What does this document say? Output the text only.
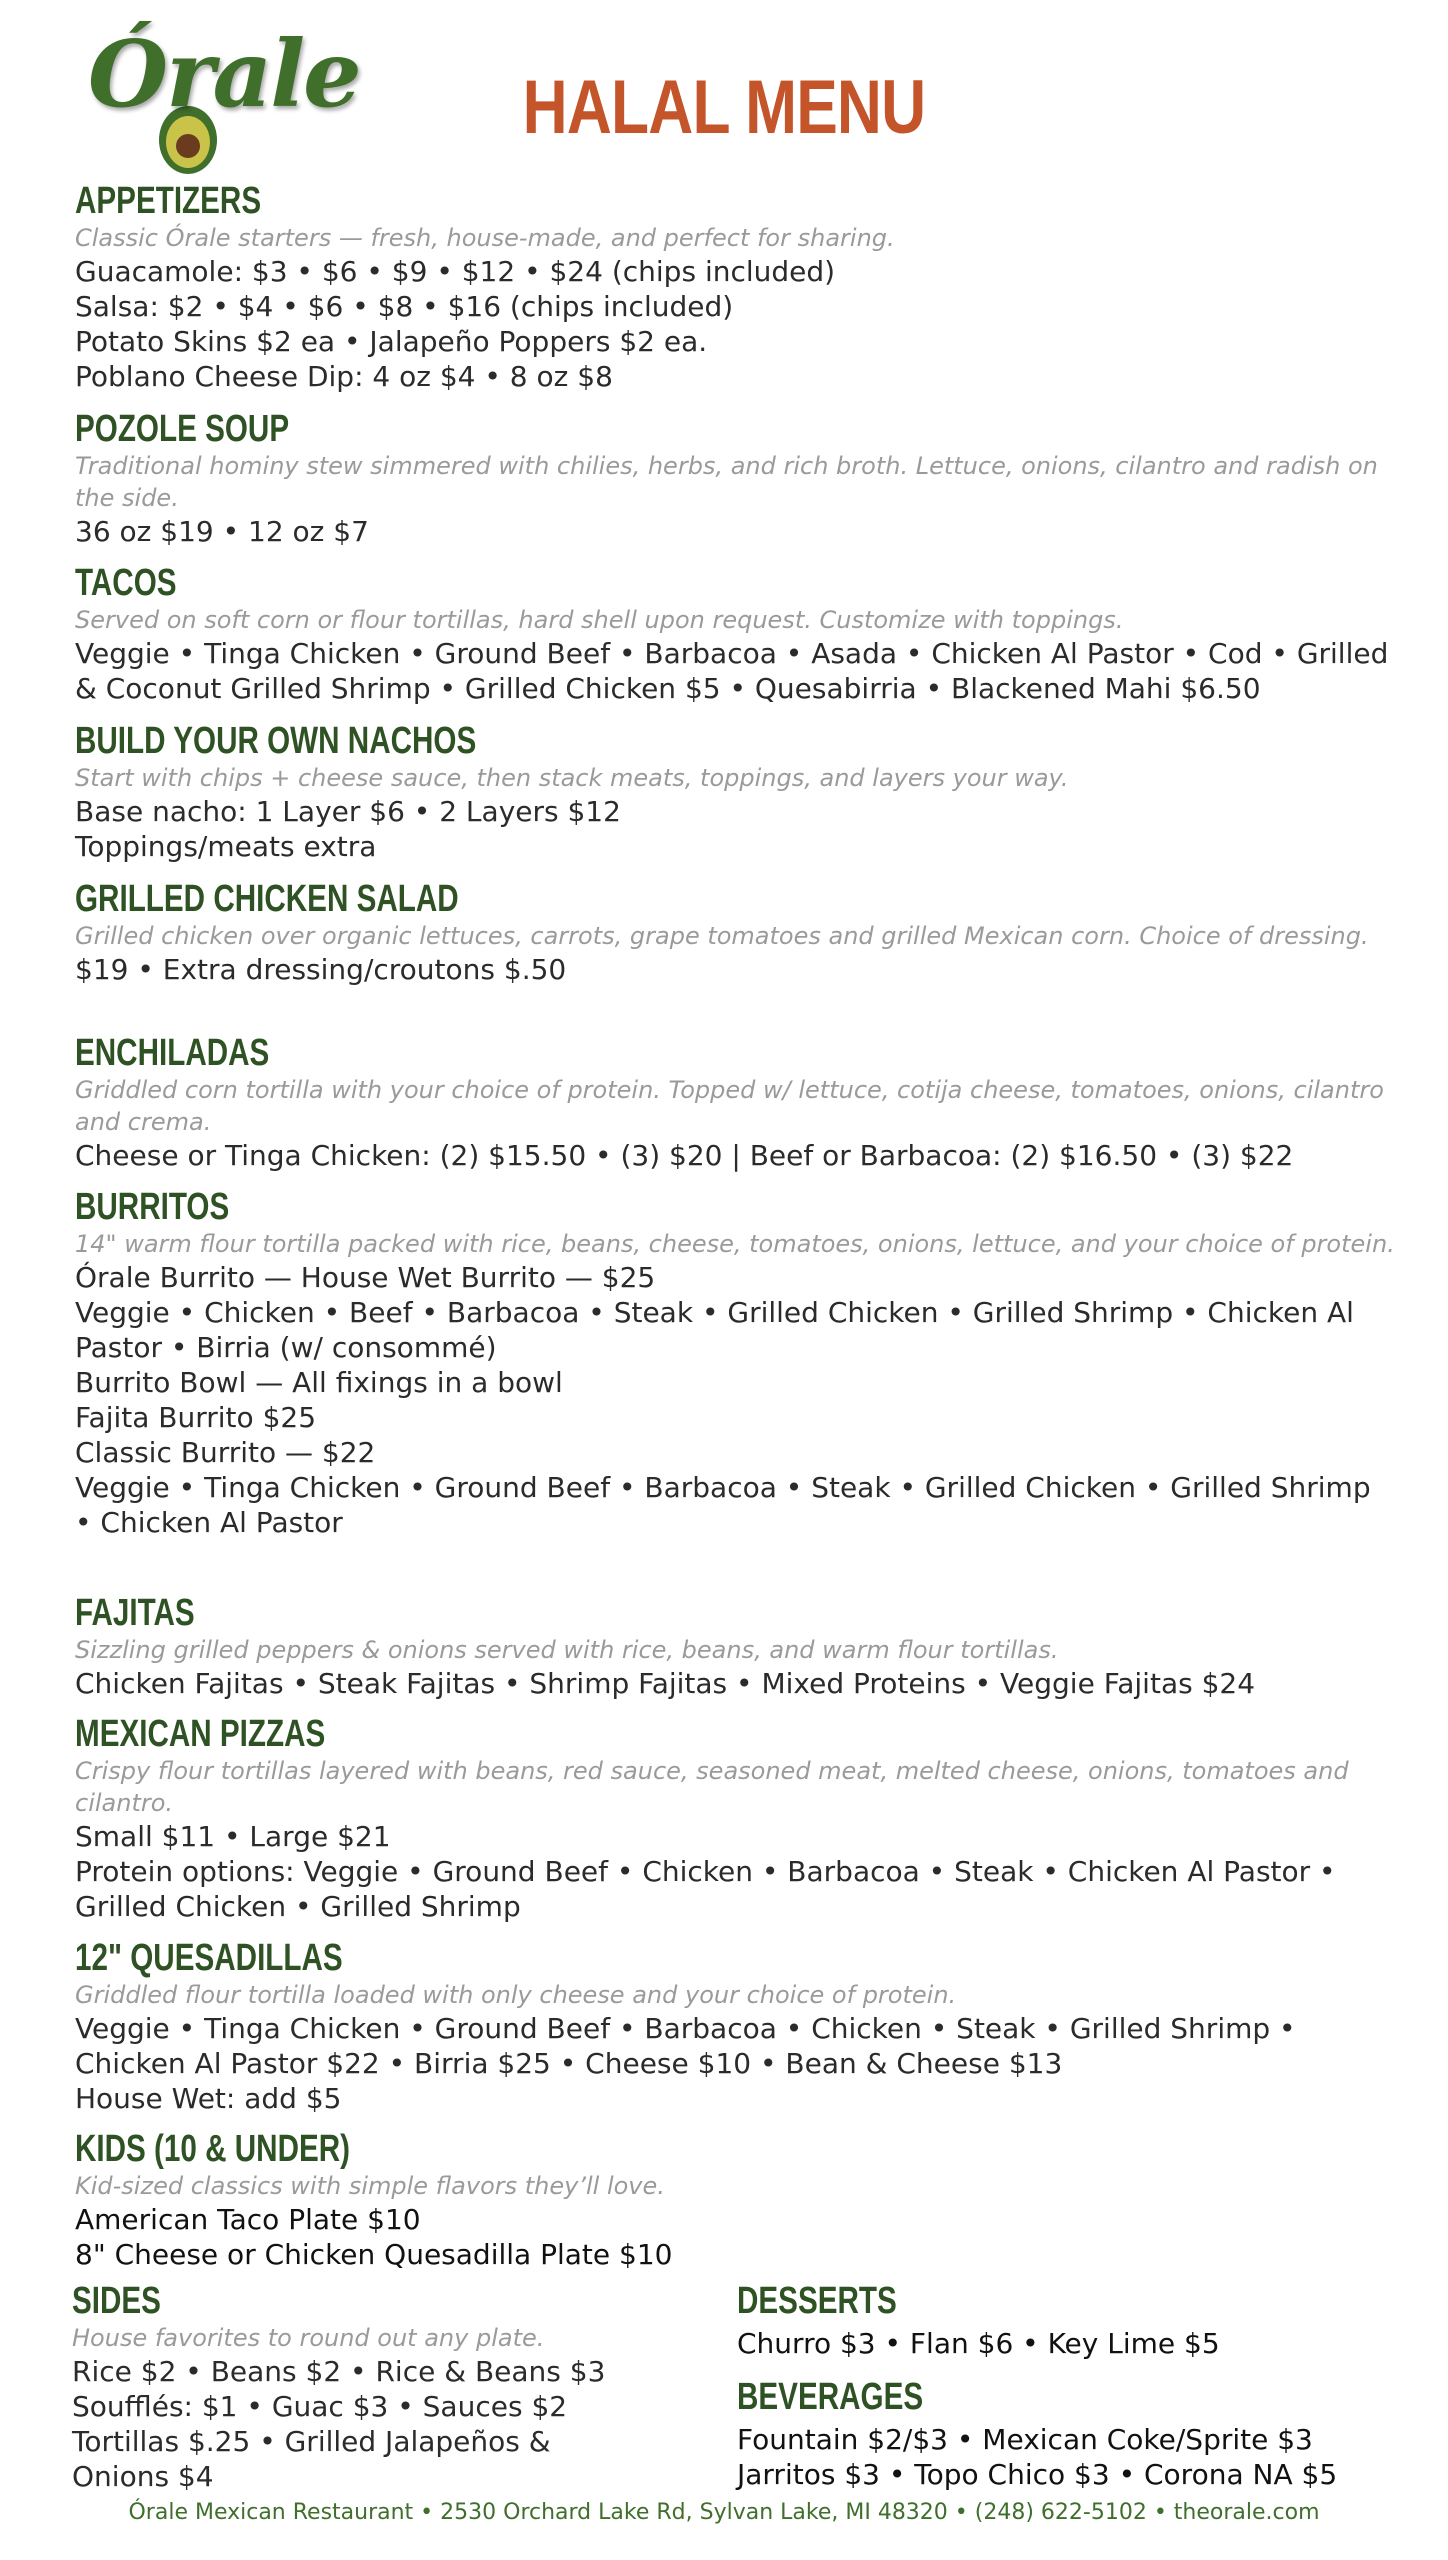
Órale	HALAL MENU
APPETIZERS
Classic Órale starters — fresh, house-made, and perfect for sharing.
Guacamole: $3 • $6 • $9 • $12 • $24 (chips included)
Salsa: $2 • $4 • $6 • $8 • $16 (chips included)
Potato Skins $2 ea • Jalapeño Poppers $2 ea.
Poblano Cheese Dip: 4 oz $4 • 8 oz $8
POZOLE SOUP
Traditional hominy stew simmered with chilies, herbs, and rich broth. Lettuce, onions, cilantro and radish on the side.
36 oz $19 • 12 oz $7
TACOS
Served on soft corn or flour tortillas, hard shell upon request. Customize with toppings.
Veggie • Tinga Chicken • Ground Beef • Barbacoa • Asada • Chicken Al Pastor • Cod • Grilled & Coconut Grilled Shrimp • Grilled Chicken $5 • Quesabirria • Blackened Mahi $6.50
BUILD YOUR OWN NACHOS
Start with chips + cheese sauce, then stack meats, toppings, and layers your way.
Base nacho: 1 Layer $6 • 2 Layers $12
Toppings/meats extra
GRILLED CHICKEN SALAD
Grilled chicken over organic lettuces, carrots, grape tomatoes and grilled Mexican corn. Choice of dressing.
$19 • Extra dressing/croutons $.50
ENCHILADAS
Griddled corn tortilla with your choice of protein. Topped w/ lettuce, cotija cheese, tomatoes, onions, cilantro and crema.
Cheese or Tinga Chicken: (2) $15.50 • (3) $20 | Beef or Barbacoa: (2) $16.50 • (3) $22
BURRITOS
14" warm flour tortilla packed with rice, beans, cheese, tomatoes, onions, lettuce, and your choice of protein.
Órale Burrito — House Wet Burrito — $25
Veggie • Chicken • Beef • Barbacoa • Steak • Grilled Chicken • Grilled Shrimp • Chicken Al Pastor • Birria (w/ consommé)
Burrito Bowl — All fixings in a bowl
Fajita Burrito $25
Classic Burrito — $22
Veggie • Tinga Chicken • Ground Beef • Barbacoa • Steak • Grilled Chicken • Grilled Shrimp • Chicken Al Pastor
FAJITAS
Sizzling grilled peppers & onions served with rice, beans, and warm flour tortillas.
Chicken Fajitas • Steak Fajitas • Shrimp Fajitas • Mixed Proteins • Veggie Fajitas $24
MEXICAN PIZZAS
Crispy flour tortillas layered with beans, red sauce, seasoned meat, melted cheese, onions, tomatoes and cilantro.
Small $11 • Large $21
Protein options: Veggie • Ground Beef • Chicken • Barbacoa • Steak • Chicken Al Pastor • Grilled Chicken • Grilled Shrimp
12" QUESADILLAS
Griddled flour tortilla loaded with only cheese and your choice of protein.
Veggie • Tinga Chicken • Ground Beef • Barbacoa • Chicken • Steak • Grilled Shrimp • Chicken Al Pastor $22 • Birria $25 • Cheese $10 • Bean & Cheese $13
House Wet: add $5
KIDS (10 & UNDER)
Kid-sized classics with simple flavors they’ll love.
American Taco Plate $10
8" Cheese or Chicken Quesadilla Plate $10
SIDES
House favorites to round out any plate.
Rice $2 • Beans $2 • Rice & Beans $3
Soufflés: $1 • Guac $3 • Sauces $2
Tortillas $.25 • Grilled Jalapeños & Onions $4
DESSERTS
Churro $3 • Flan $6 • Key Lime $5
BEVERAGES
Fountain $2/$3 • Mexican Coke/Sprite $3
Jarritos $3 • Topo Chico $3 • Corona NA $5
Órale Mexican Restaurant • 2530 Orchard Lake Rd, Sylvan Lake, MI 48320 • (248) 622-5102 • theorale.com
